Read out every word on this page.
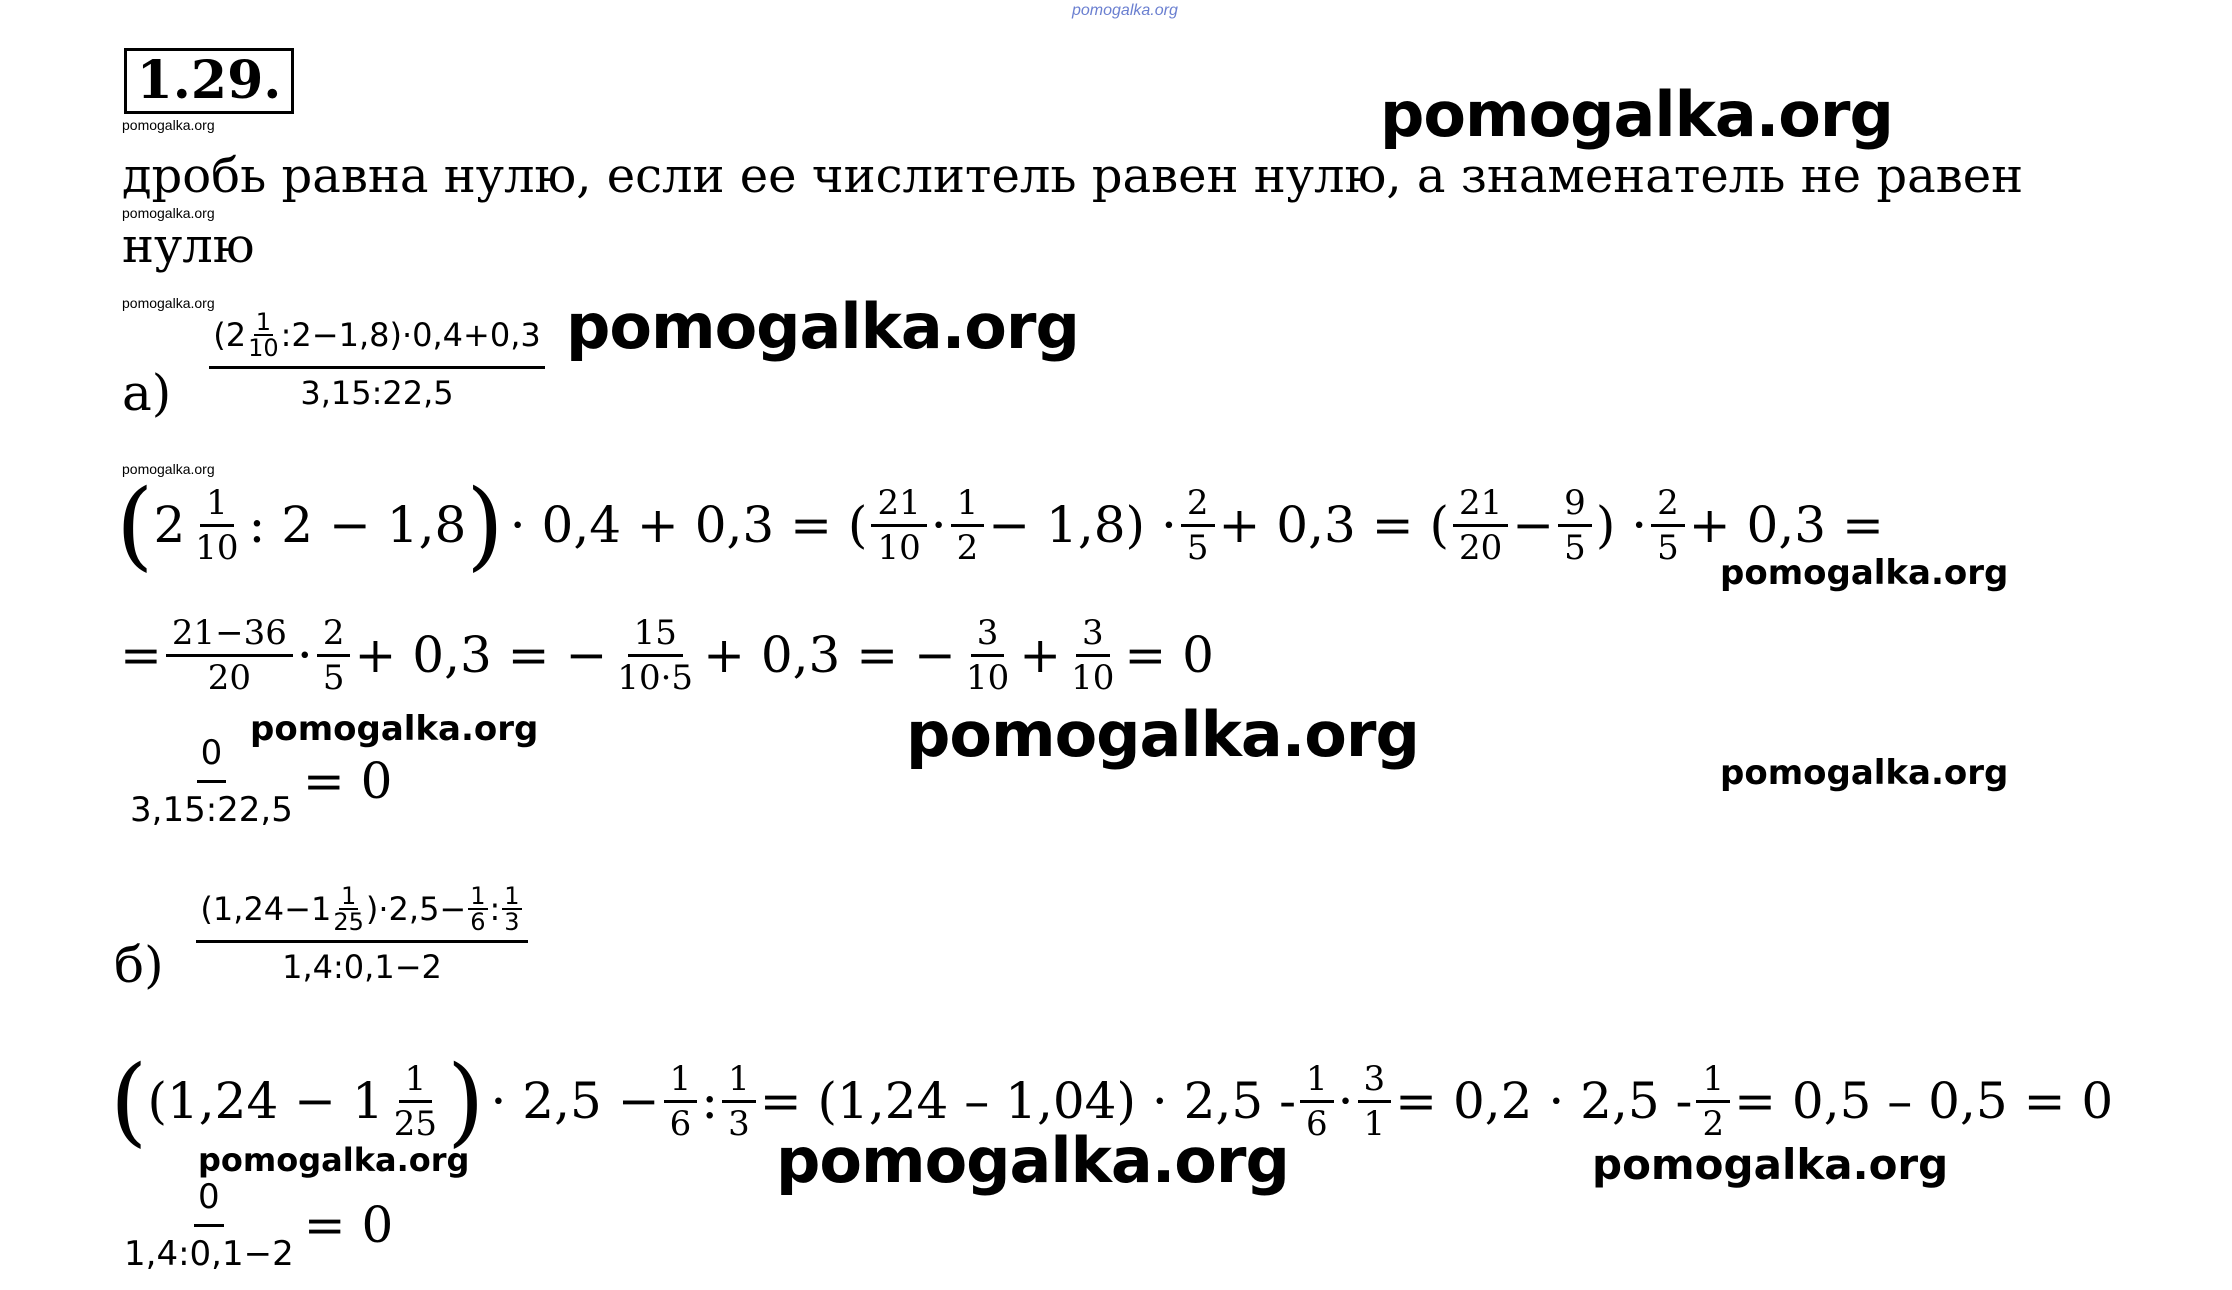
pomogalka.org
1.29.
pomogalka.org	pomogalka.org
дробь равна нулю, если ее числитель равен нулю, а знаменатель не равен
pomogalka.org
нулю
pomogalka.org
а) (2 1
10 :2−1,8 )·0,4+0,3
3,15:22,5
pomogalka.org
pomogalka.org
( $2 \frac{1}{10}$ : 2 − 1,8 ) · 0,4 + 0,3 = ( $\frac{21}{10} \cdot \frac{1}{2} - 1,8) \cdot \frac{2}{5} + 0,3$ = ( $\frac{21}{20} - \frac{9}{5}$ ) · $\frac{2}{5} + 0,3$ =
pomogalka.org
= $\frac{21-36}{20} \cdot \frac{2}{5} + 0,3$ = − $\frac{15}{10\cdot 5} + 0,3$ = − $\frac{3}{10} + \frac{3}{10} = 0$
pomogalka.org	pomogalka.org
pomogalka.org
$\frac{0}{3,15:22,5} = 0$
б) (1,24−1 1
25 )$\cdot 2,5- \frac{1}{6}$ : 1
3
1,4:0,1−2
( ($1,24 - 1 \frac{1}{25}$ ) · $2,5 - \frac{1}{6}$ : $\frac{1}{3} = (1,24 - 1,04) \cdot 2,5 - \frac{1}{6} \cdot \frac{3}{1} = 0,2 \cdot 2,5 - \frac{1}{2} = 0,5 - 0,5 = 0$
pomogalka.org	pomogalka.org	pomogalka.org
$\frac{0}{1,4:0,1-2} = 0$
